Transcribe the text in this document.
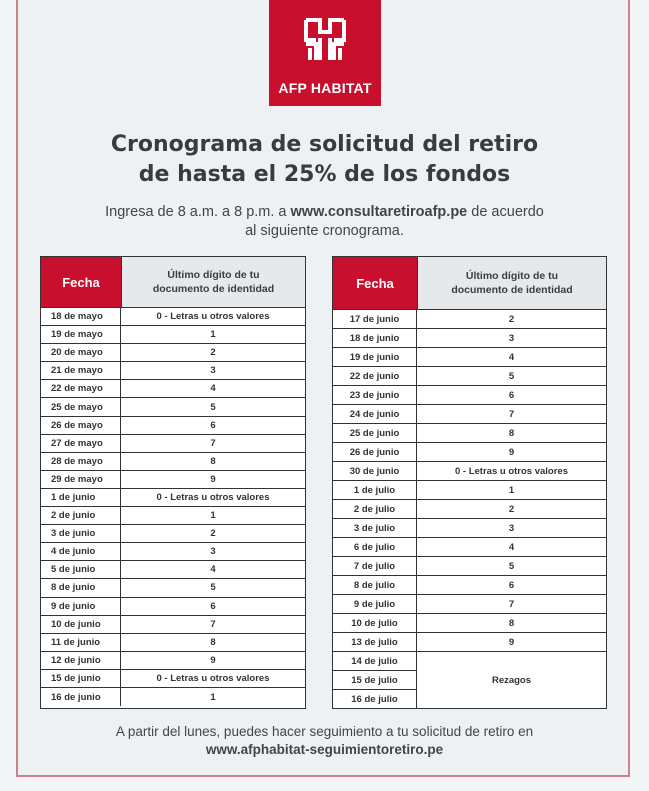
AFP HABITAT
Cronograma de solicitud del retiro
de hasta el 25% de los fondos
Ingresa de 8 a.m. a 8 p.m. a www.consultaretiroafp.pe de acuerdo
al siguiente cronograma.
Fecha	Último dígito de tu
documento de identidad
18 de mayo	0 - Letras u otros valores
19 de mayo	1
20 de mayo	2
21 de mayo	3
22 de mayo	4
25 de mayo	5
26 de mayo	6
27 de mayo	7
28 de mayo	8
29 de mayo	9
1 de junio	0 - Letras u otros valores
2 de junio	1
3 de junio	2
4 de junio	3
5 de junio	4
8 de junio	5
9 de junio	6
10 de junio	7
11 de junio	8
12 de junio	9
15 de junio	0 - Letras u otros valores
16 de junio	1
Fecha	Último dígito de tu
documento de identidad
17 de junio	2
18 de junio	3
19 de junio	4
22 de junio	5
23 de junio	6
24 de junio	7
25 de junio	8
26 de junio	9
30 de junio	0 - Letras u otros valores
1 de julio	1
2 de julio	2
3 de julio	3
6 de julio	4
7 de julio	5
8 de julio	6
9 de julio	7
10 de julio	8
13 de julio	9
14 de julio
15 de julio
16 de julio
Rezagos
A partir del lunes, puedes hacer seguimiento a tu solicitud de retiro en
www.afphabitat-seguimientoretiro.pe
